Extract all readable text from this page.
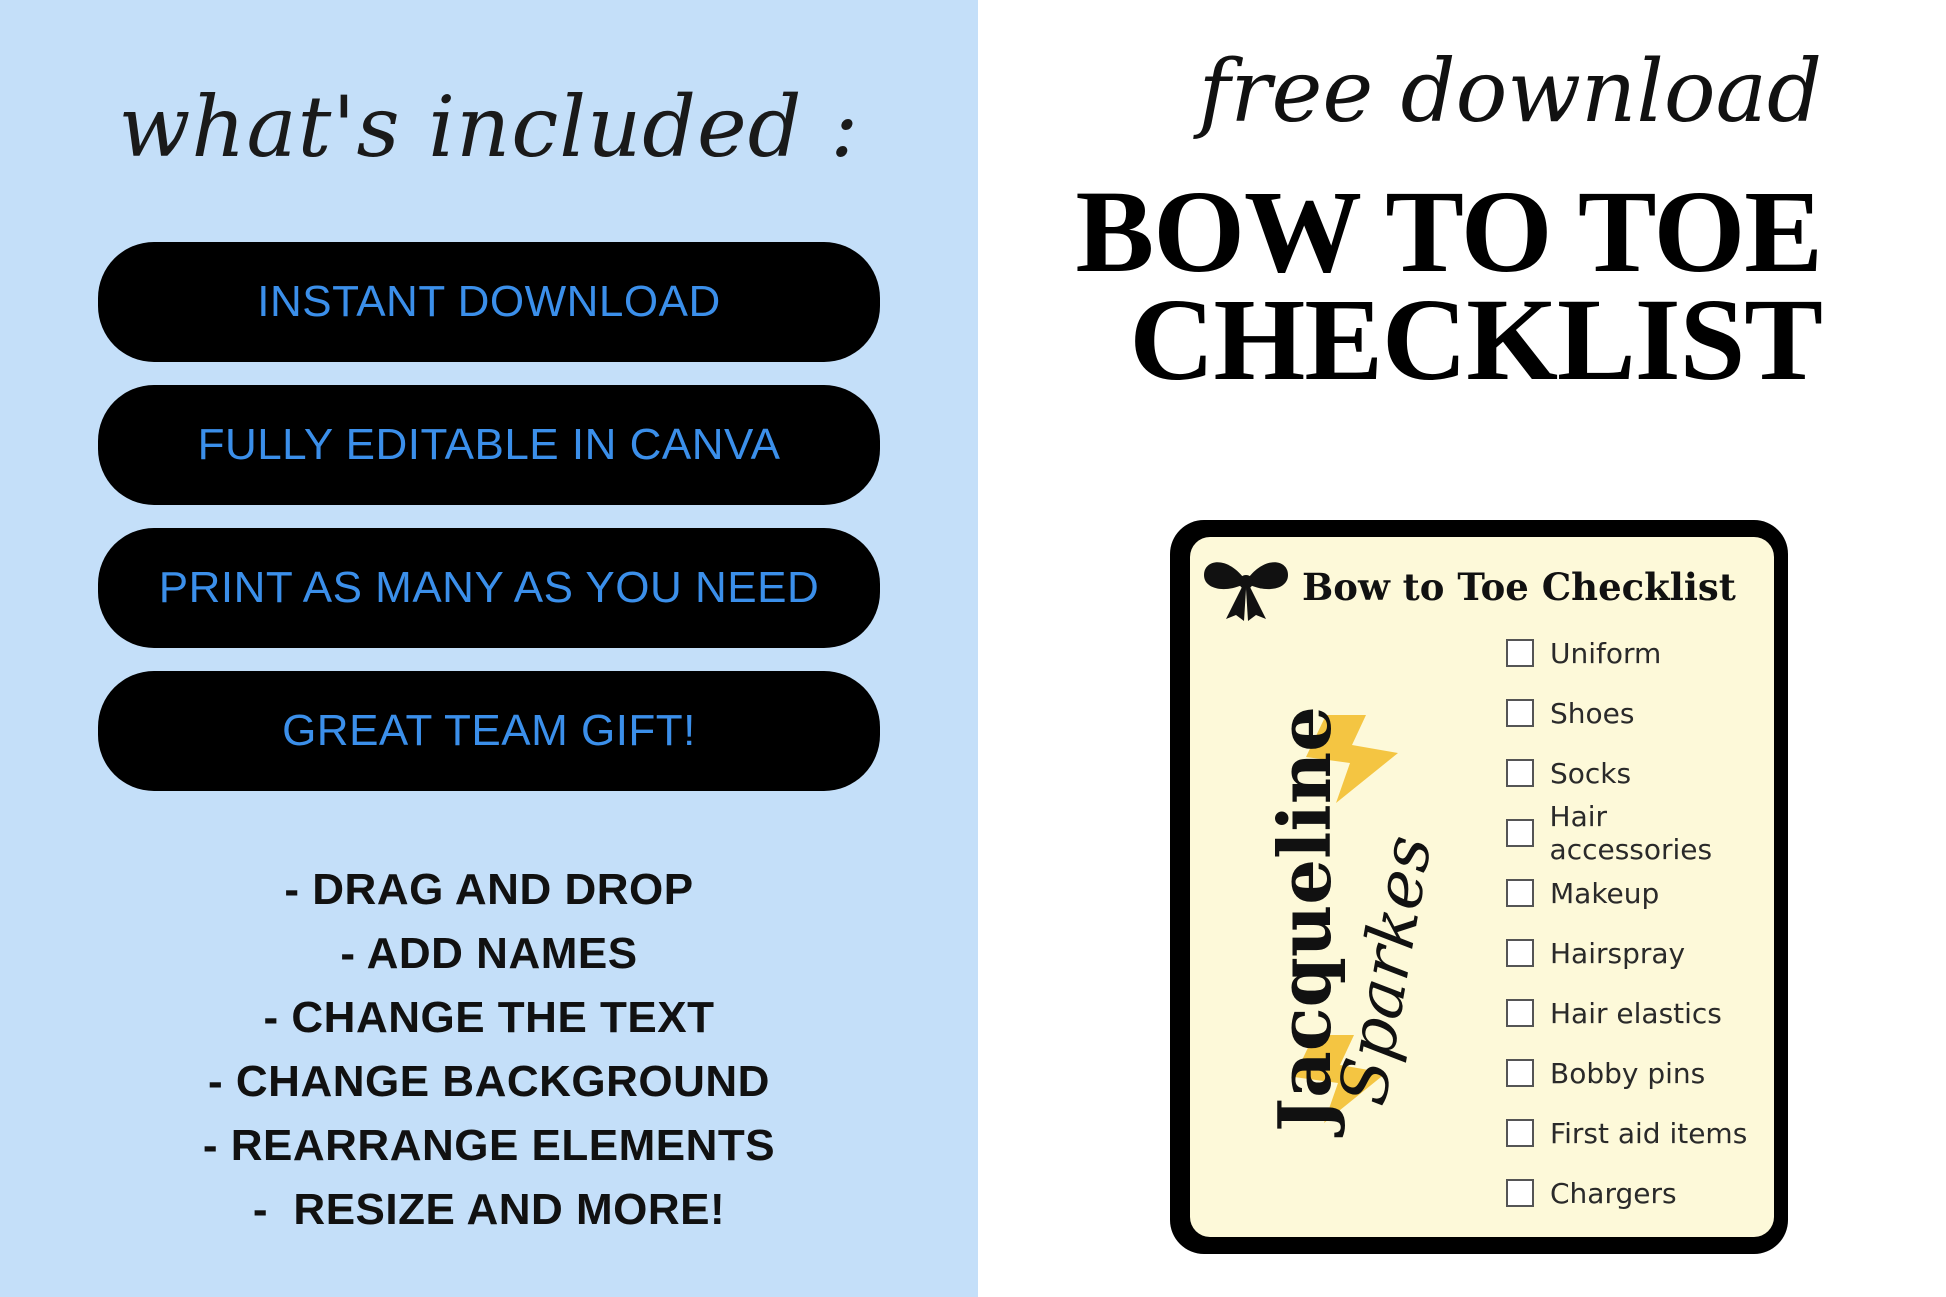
what's included :
INSTANT DOWNLOAD
FULLY EDITABLE IN CANVA
PRINT AS MANY AS YOU NEED
GREAT TEAM GIFT!
- DRAG AND DROP
- ADD NAMES
- CHANGE THE TEXT
- CHANGE BACKGROUND
- REARRANGE ELEMENTS
-  RESIZE AND MORE!
free download
BOW TO TOE
CHECKLIST
Bow to Toe Checklist
Jacqueline
Sparkes
Uniform
Shoes
Socks
Hair accessories
Makeup
Hairspray
Hair elastics
Bobby pins
First aid items
Chargers
